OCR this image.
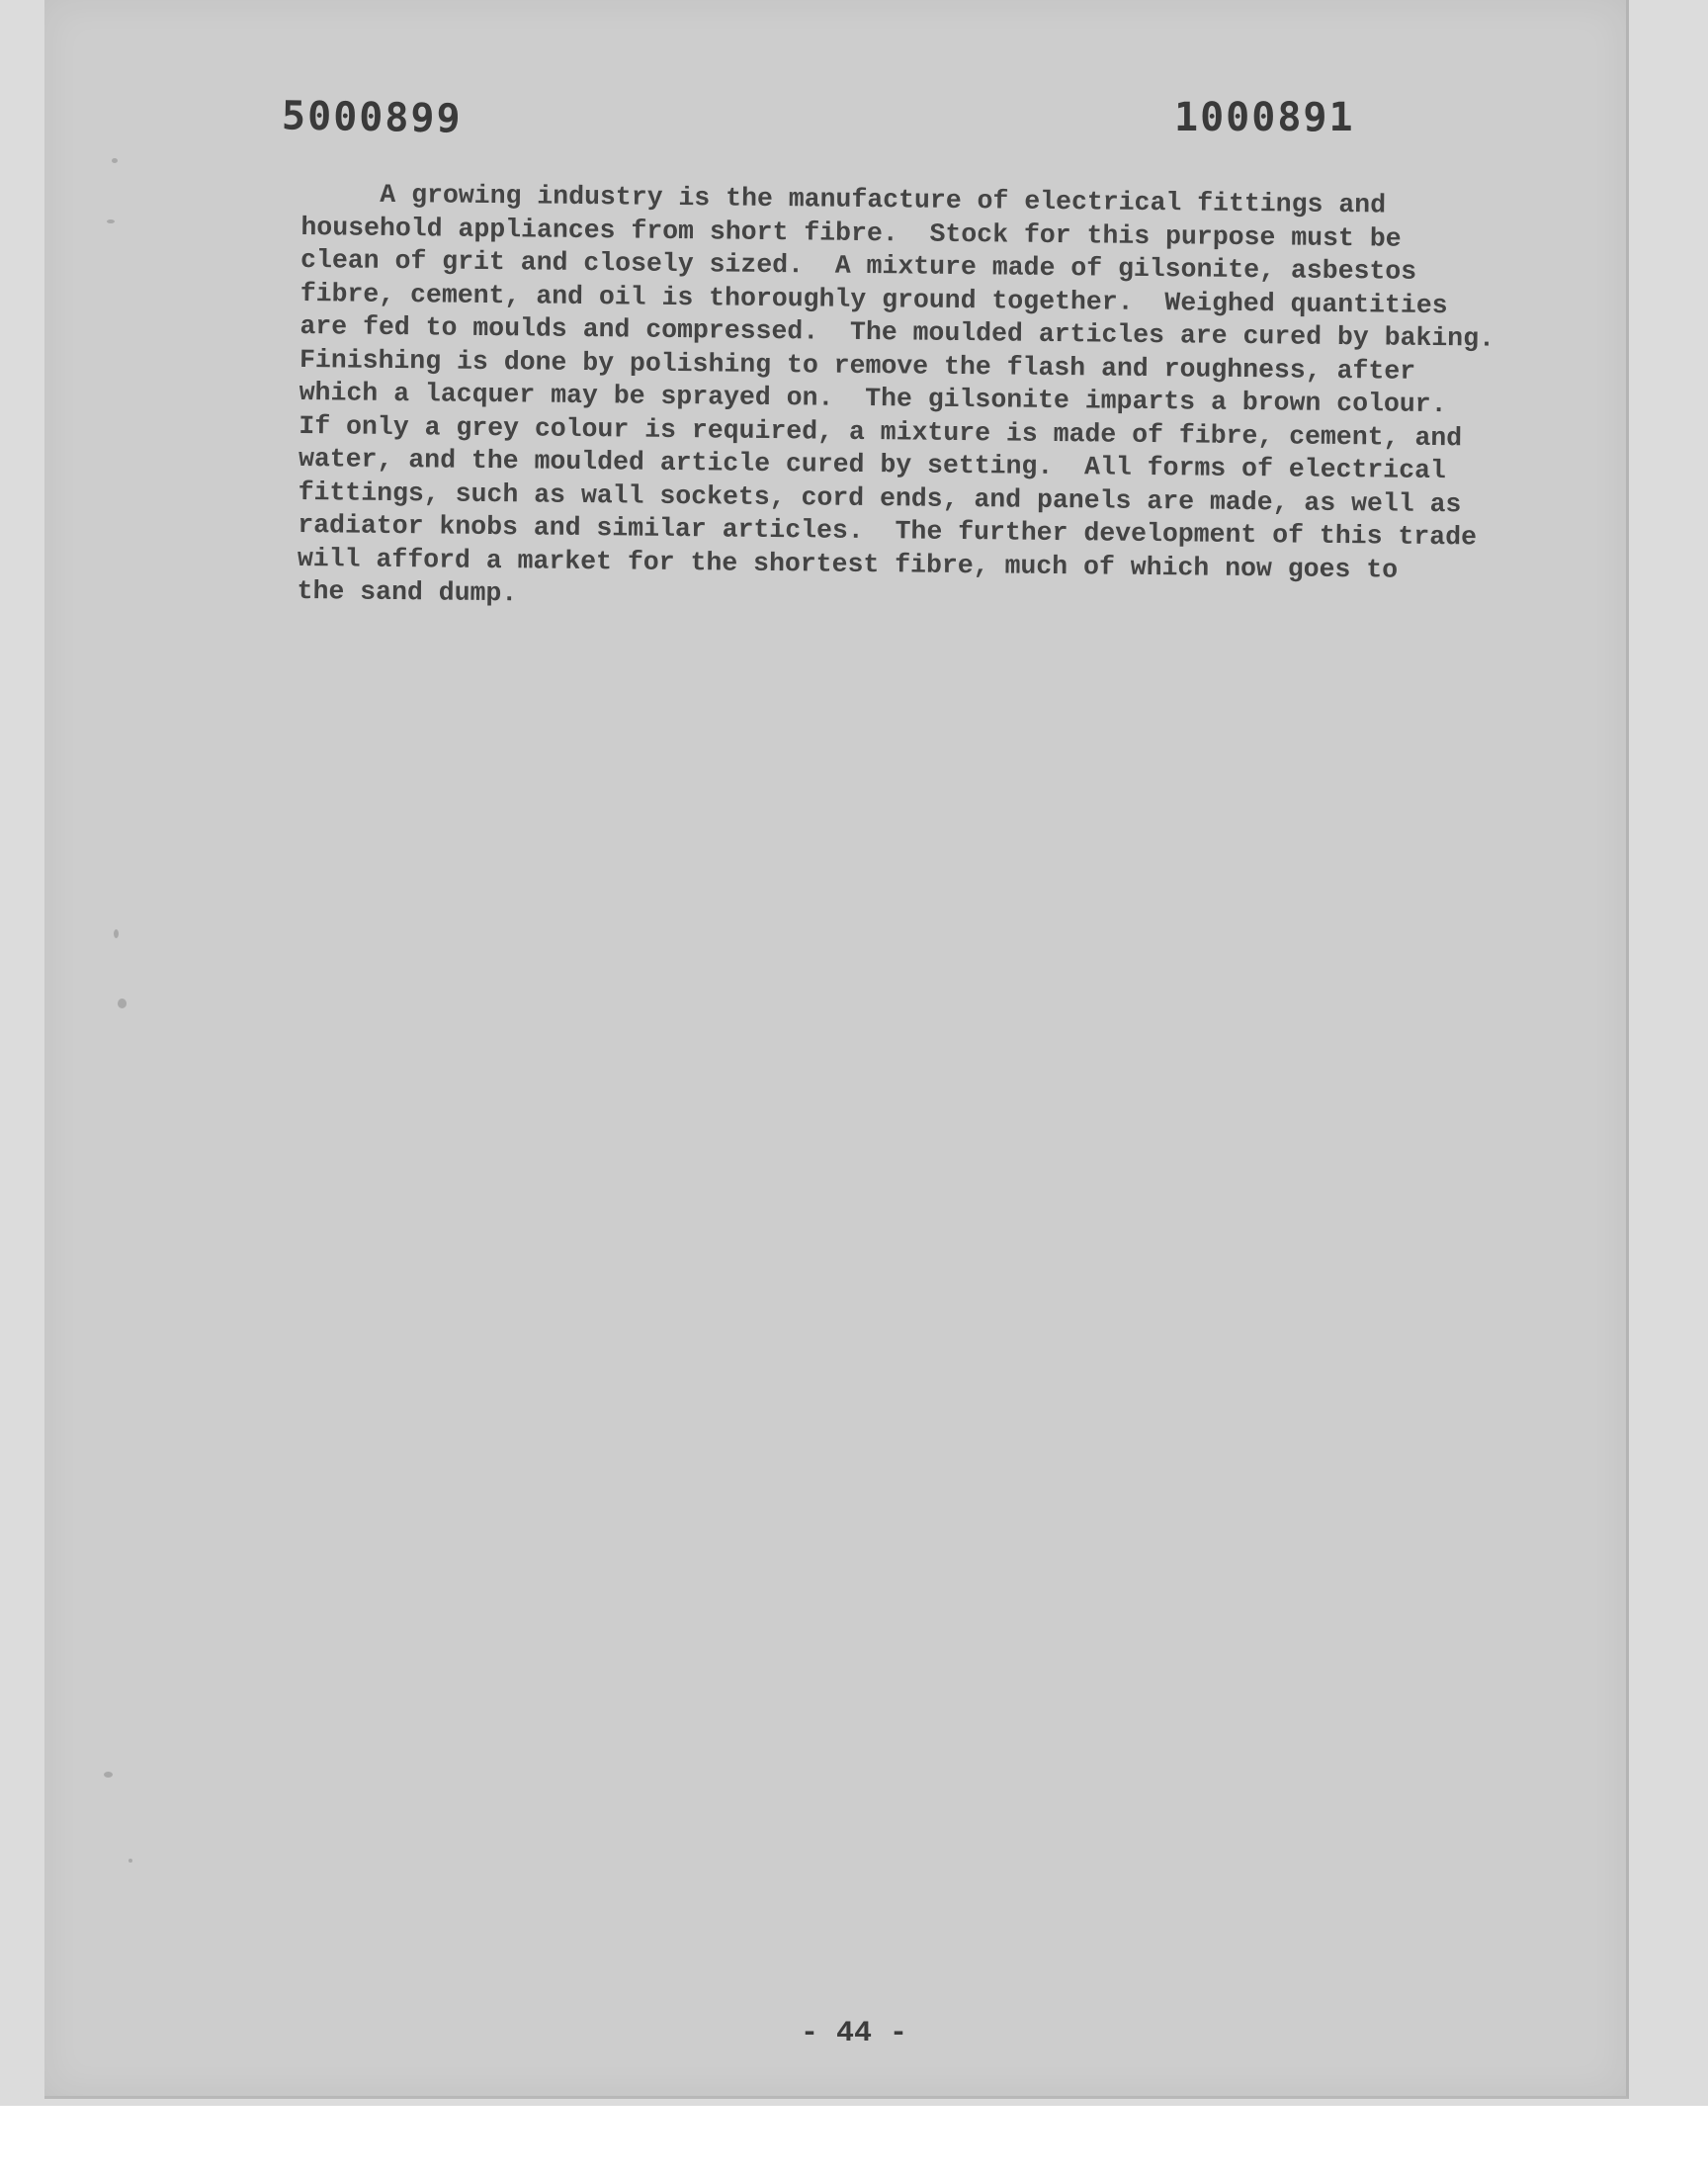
5000899	1000891
A growing industry is the manufacture of electrical fittings and
household appliances from short fibre.  Stock for this purpose must be
clean of grit and closely sized.  A mixture made of gilsonite, asbestos
fibre, cement, and oil is thoroughly ground together.  Weighed quantities
are fed to moulds and compressed.  The moulded articles are cured by baking.
Finishing is done by polishing to remove the flash and roughness, after
which a lacquer may be sprayed on.  The gilsonite imparts a brown colour.
If only a grey colour is required, a mixture is made of fibre, cement, and
water, and the moulded article cured by setting.  All forms of electrical
fittings, such as wall sockets, cord ends, and panels are made, as well as
radiator knobs and similar articles.  The further development of this trade
will afford a market for the shortest fibre, much of which now goes to
the sand dump.
- 44 -
